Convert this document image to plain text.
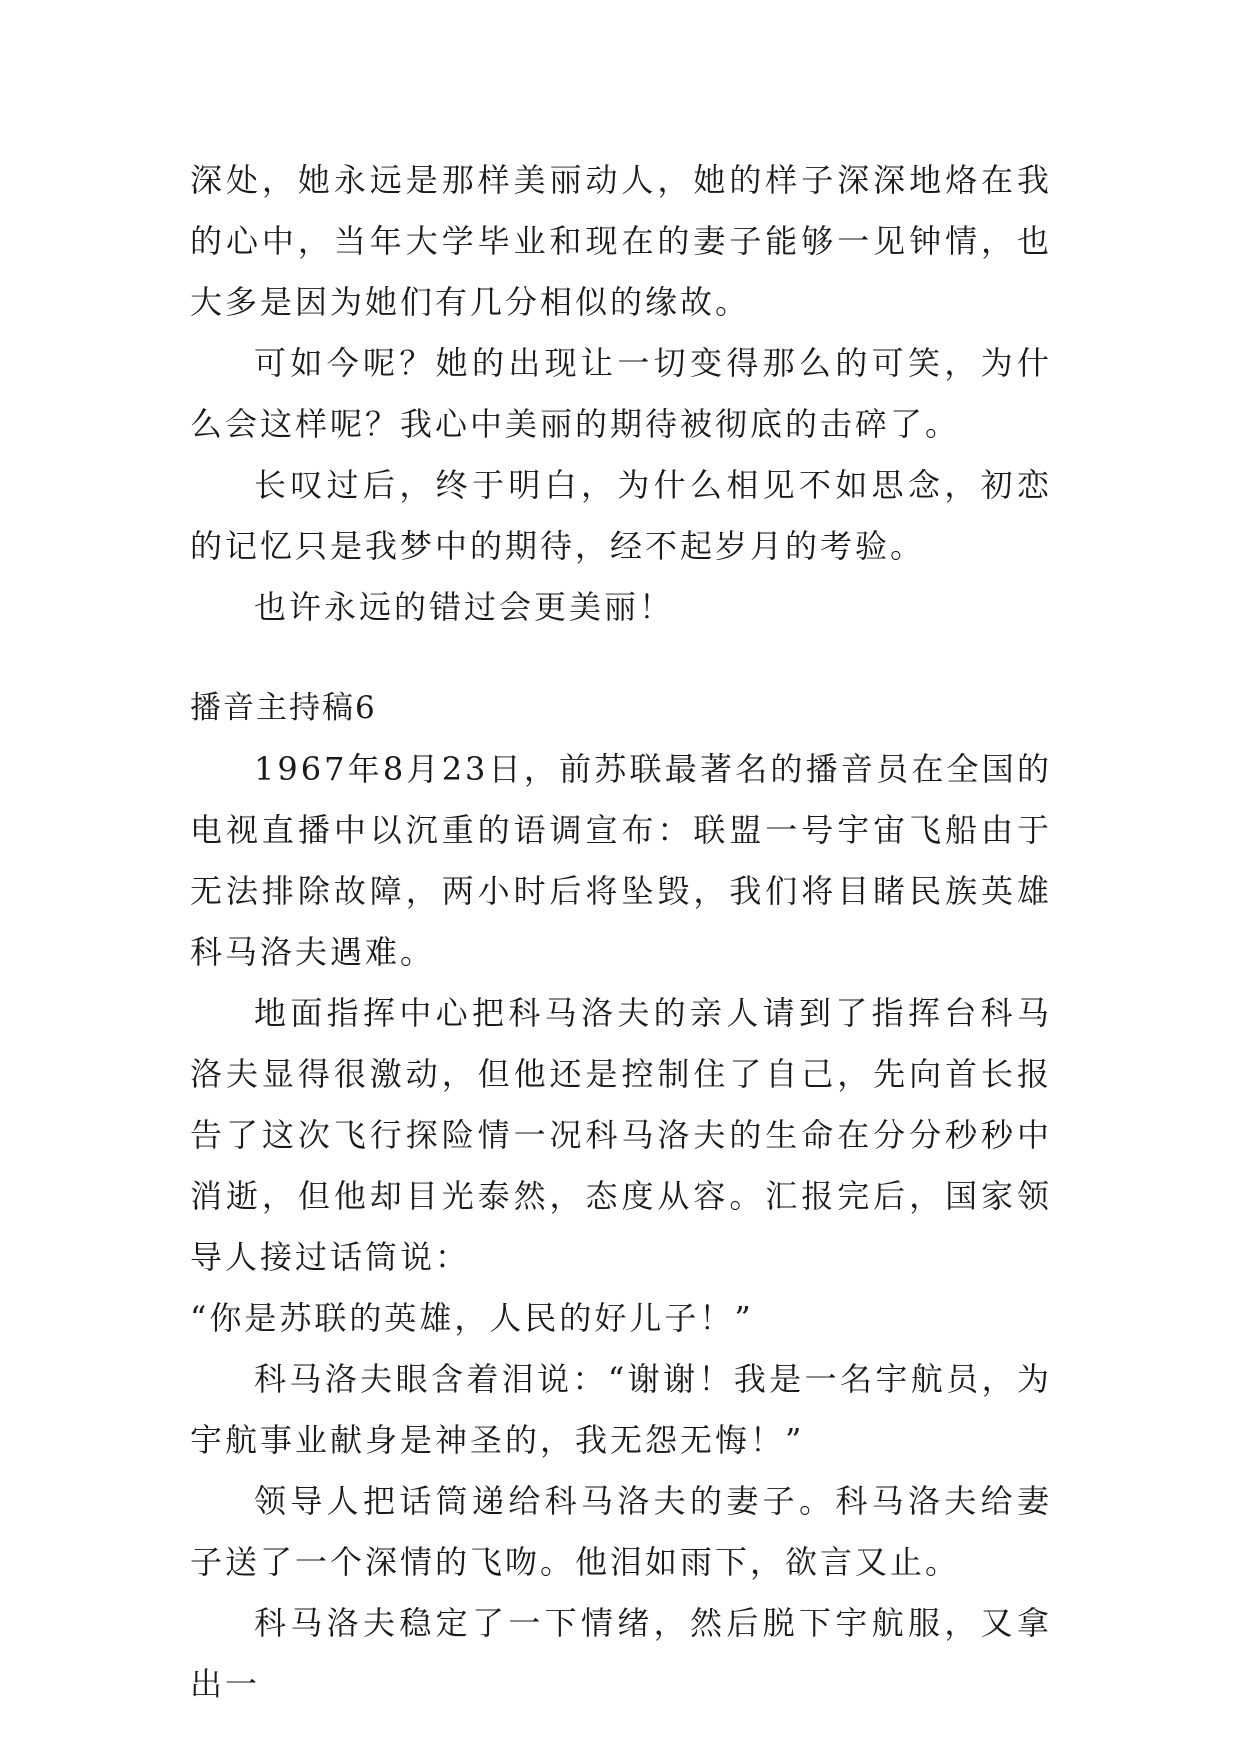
深处，她永远是那样美丽动人，她的样子深深地烙在我的心中，当年大学毕业和现在的妻子能够一见钟情，也大多是因为她们有几分相似的缘故。

可如今呢？她的出现让一切变得那么的可笑，为什么会这样呢？我心中美丽的期待被彻底的击碎了。

长叹过后，终于明白，为什么相见不如思念，初恋的记忆只是我梦中的期待，经不起岁月的考验。

也许永远的错过会更美丽！

播音主持稿6

1967年8月23日，前苏联最著名的播音员在全国的电视直播中以沉重的语调宣布：联盟一号宇宙飞船由于无法排除故障，两小时后将坠毁，我们将目睹民族英雄科马洛夫遇难。

地面指挥中心把科马洛夫的亲人请到了指挥台科马洛夫显得很激动，但他还是控制住了自己，先向首长报告了这次飞行探险情一况科马洛夫的生命在分分秒秒中消逝，但他却目光泰然，态度从容。汇报完后，国家领导人接过话筒说：

“你是苏联的英雄，人民的好儿子！”

科马洛夫眼含着泪说：“谢谢！我是一名宇航员，为宇航事业献身是神圣的，我无怨无悔！”

领导人把话筒递给科马洛夫的妻子。科马洛夫给妻子送了一个深情的飞吻。他泪如雨下，欲言又止。

科马洛夫稳定了一下情绪，然后脱下宇航服，又拿出一
